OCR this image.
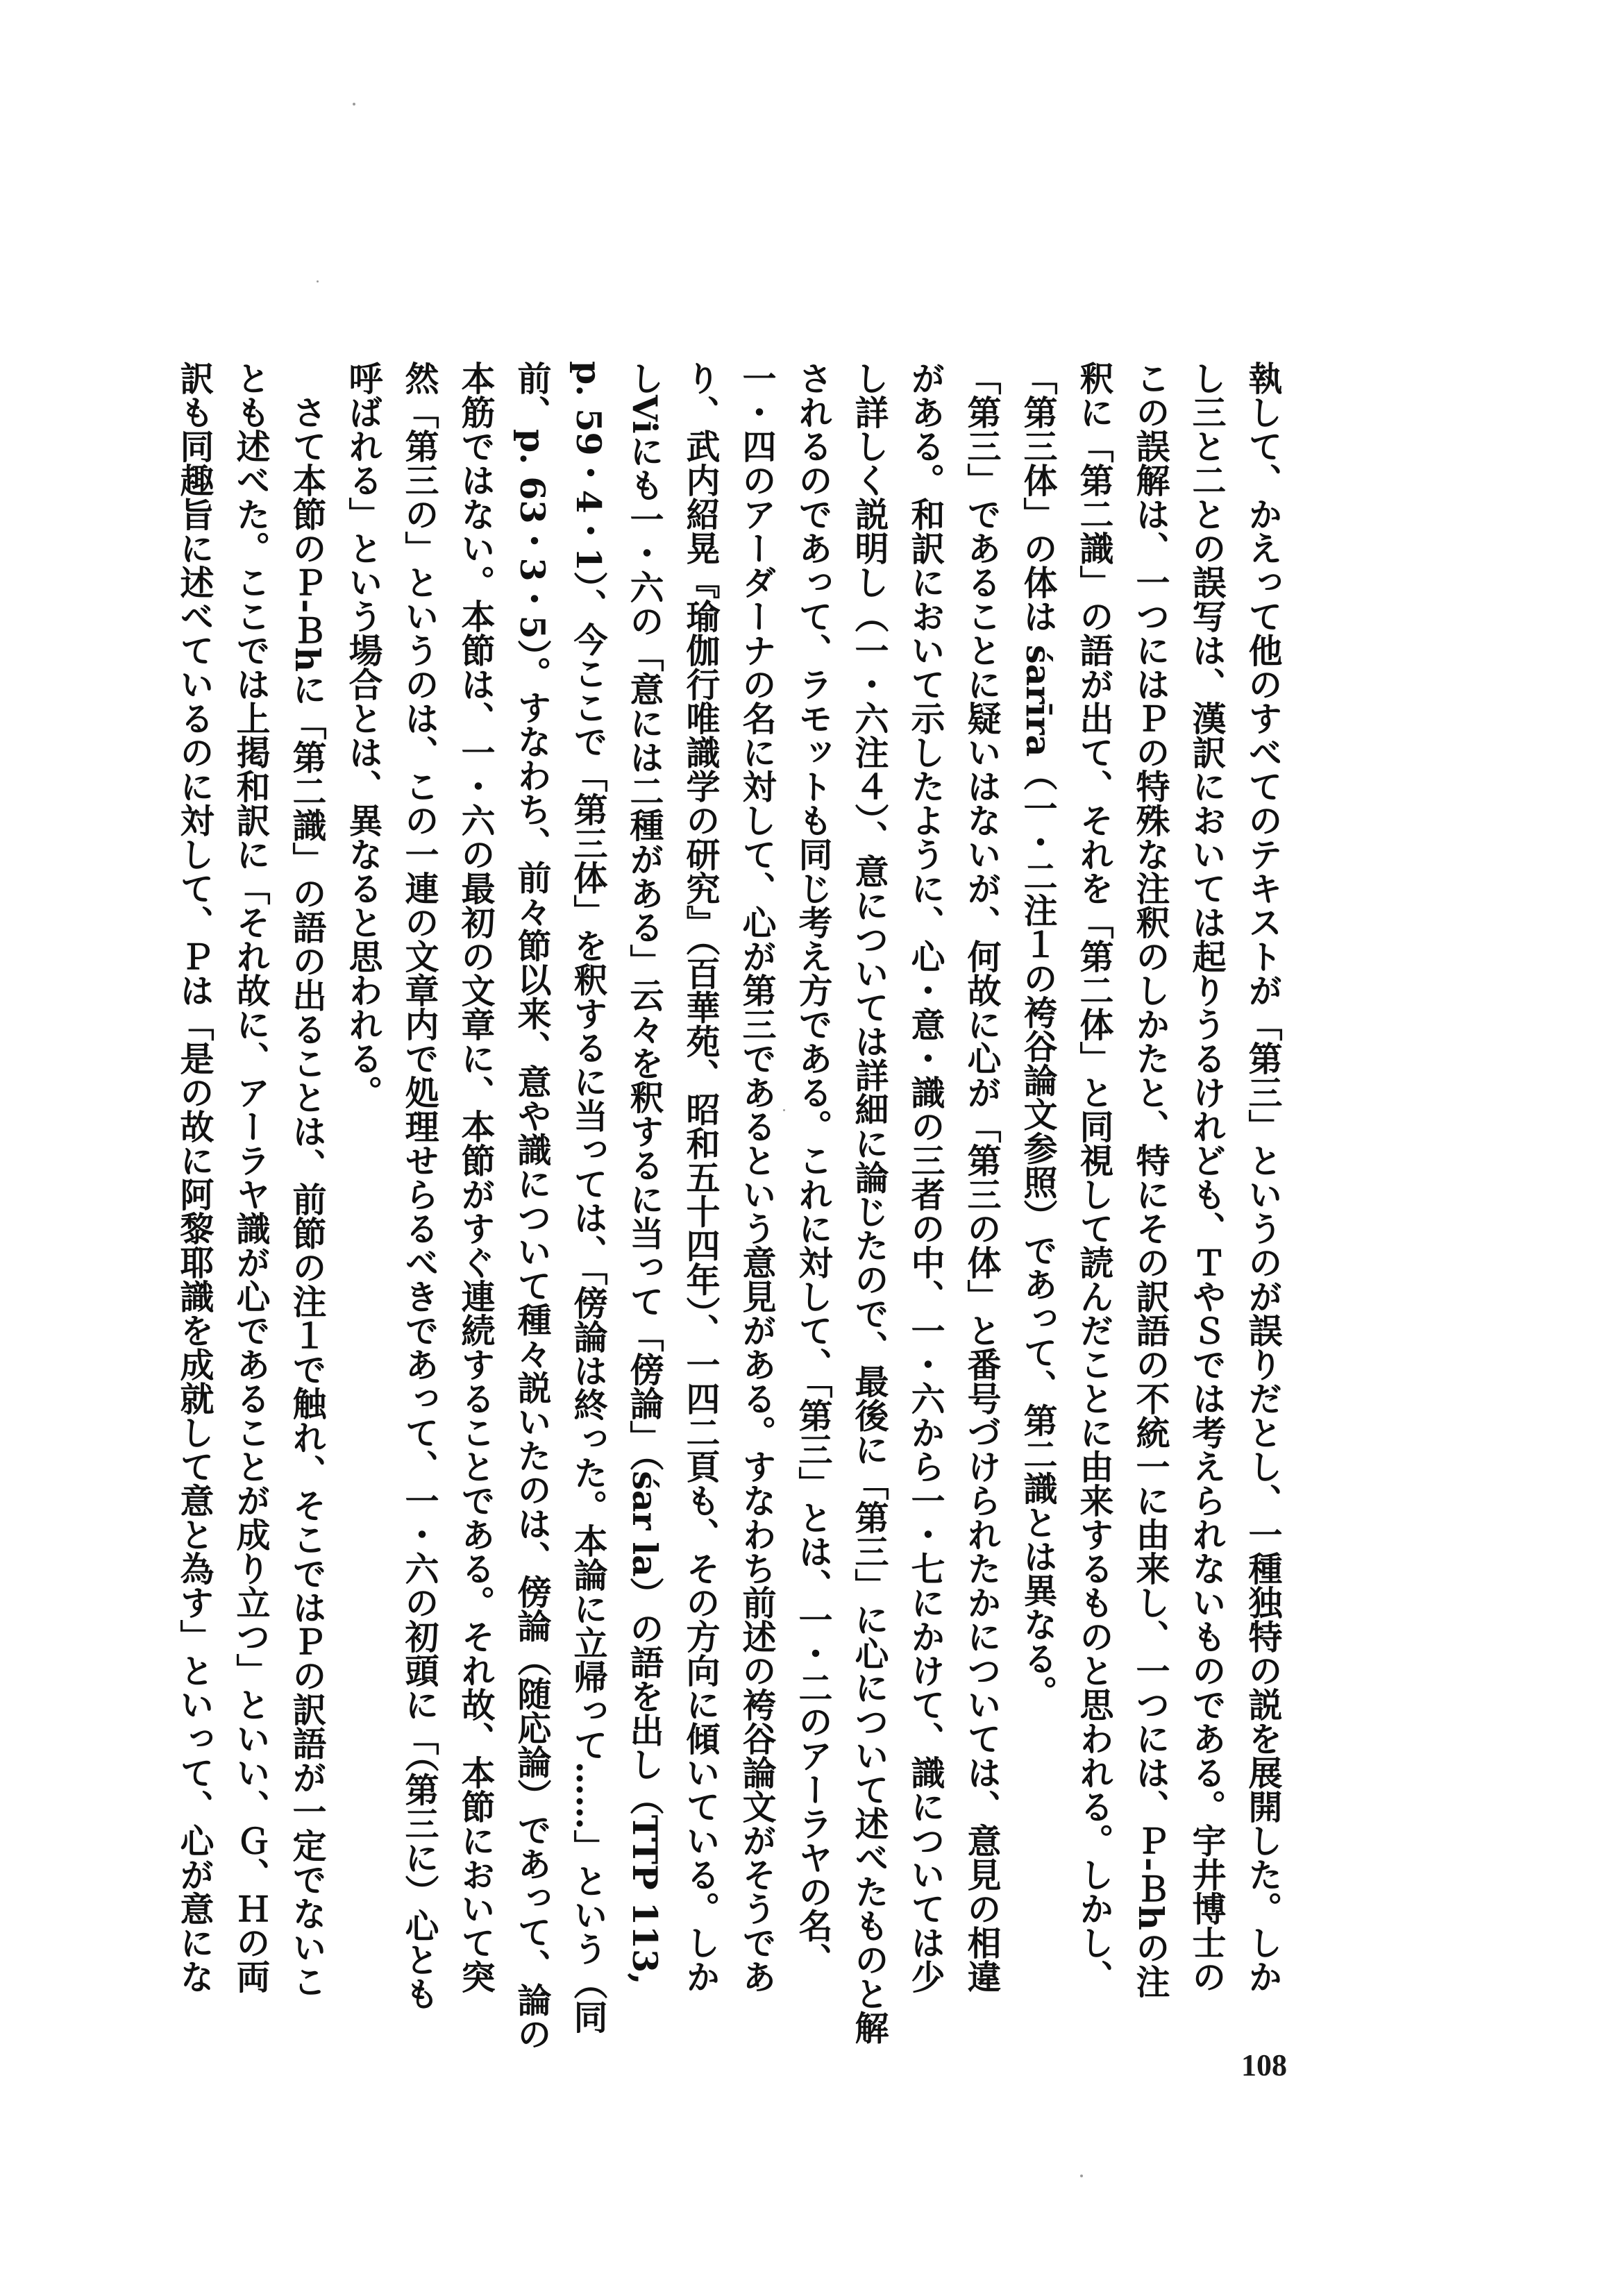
執して、かえって他のすべてのテキストが「第三」というのが誤りだとし、一種独特の説を展開した。しか

し三と二との誤写は、漢訳においては起りうるけれども、ＴやＳでは考えられないものである。宇井博士の

この誤解は、一つにはＰの特殊な注釈のしかたと、特にその訳語の不統一に由来し、一つには、Ｐ-Ｂhの注

釈に「第二識」の語が出て、それを「第二体」と同視して読んだことに由来するものと思われる。しかし、

「第三体」の体は śarīra（一・二注１の袴谷論文参照）であって、第二識とは異なる。

「第三」であることに疑いはないが、何故に心が「第三の体」と番号づけられたかについては、意見の相違

がある。和訳において示したように、心・意・識の三者の中、一・六から一・七にかけて、識については少

し詳しく説明し（一・六注４）、意については詳細に論じたので、最後に「第三」に心について述べたものと解

されるのであって、ラモットも同じ考え方である。これに対して、「第三」とは、一・二のアーラヤの名、

一・四のアーダーナの名に対して、心が第三であるという意見がある。すなわち前述の袴谷論文がそうであ

り、武内紹晃『瑜伽行唯識学の研究』（百華苑、昭和五十四年）、一四二頁も、その方向に傾いている。しか

しViにも一・六の「意には二種がある」云々を釈するに当って「傍論」（śar la）の語を出し（TTP 113,

p. 59・4・1）、今ここで「第三体」を釈するに当っては、「傍論は終った。本論に立帰って……」という（同

前、p. 63・3・5）。すなわち、前々節以来、意や識について種々説いたのは、傍論（随応論）であって、論の

本筋ではない。本節は、一・六の最初の文章に、本節がすぐ連続することである。それ故、本節において突

然「第三の」というのは、この一連の文章内で処理せらるべきであって、一・六の初頭に「（第三に）心とも

呼ばれる」という場合とは、異なると思われる。

　さて本節のＰ-Ｂhに「第二識」の語の出ることは、前節の注１で触れ、そこではＰの訳語が一定でないこ

とも述べた。ここでは上掲和訳に「それ故に、アーラヤ識が心であることが成り立つ」といい、Ｇ、Ｈの両

訳も同趣旨に述べているのに対して、Ｐは「是の故に阿黎耶識を成就して意と為す」といって、心が意にな

108
